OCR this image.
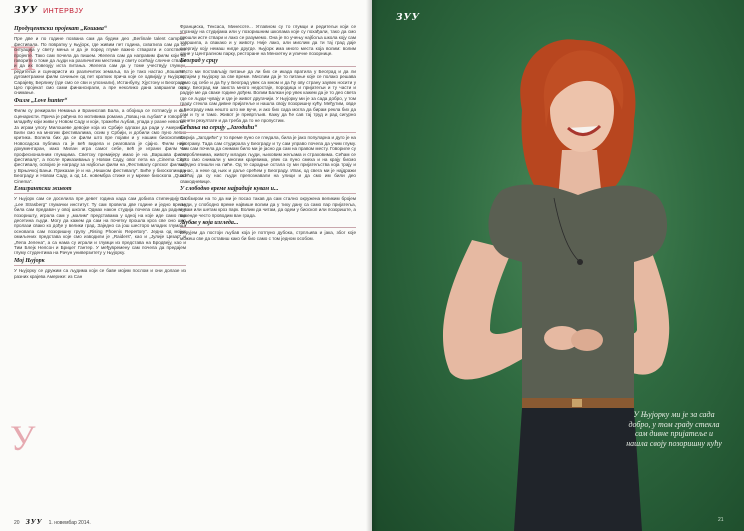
ЗУУ ИНТЕРВЈУ
П
У
Продуцентски пројекат „Кошава“

Пре две и по године позвана сам да будем део „Berlinale talent campus“ фестивала. По повратку у Њујорк, где живим пет година, схватила сам да се ситуација у свету мења и да је поред глуме важно стварати и сопствене пројекте. Тако сам почела да пишем. Желела сам да направим филм који ће говорити о томе да људи на различитим местима у свету осећају сличне ствари и да их повезују иста питања. Желела сам да у томе учествују глумци, редитељи и сценаристи из различитих земаља, па је тако настао „Кошава“, дугометражни филм сачињен од пет кратких прича које се одвијају у Њујорку, Сарајеву, Берлину (где смо се сви и упознали), Истанбулу, Хјустону и Београду. Цео пројекат смо сами финансирали, а пре неколико дана завршили смо снимање.

Филм „Love hunter“

Филм су режирали Немања и Бранислав Бала, а обојица се потписују и као сценаристи. Прича је рађена по мотивима романа „Ловац на љубав“ и говори о младићу који живи у Новом Саду и који, тражећи љубав, упада у разне невоље. Ја играм улогу Милошеве девојке која из Србије одлази да ради у Америци. Били смо на многим фестивалима, осим у Србији, и добили смо пуно лепих критика. Волела бих да се филм што пре појави и у нашим биоскопима. Новосадска публика га је већ видела и реаговала је сјајно. Филм није документаран, иако Милан игра самог себе, већ је играни филм са професионалним глумцима. Светску премијеру имао је на „Варшава филм фестивалу“, а после приказивања у Новом Саду, овог лета на „Cinema City“ фестивалу, освојио је награду за најбољи филм на „Фестивалу српског филма“ у Врњачкој Бањи. Приказан је и на „Нишком фестивалу“. Биће у биоскопима у Београду и Новом Саду, а од 14. новембра стиже и у мреже биоскопа „Quad Cinema“.

Емигрантски живот

У Њујорк сам се доселила пре девет година када сам добила стипендију за „Lee Strasberg“ глумачки институт. Ту сам провела две године и једно време била сам предавач у овој школи. Одмах након студија почела сам да радим у позоришту, играла сам у „малим“ представама у одној на које иде само пар десетина људи. Могу да кажем да сам на почетку прошла кроз све оно што пролази свако ко дође у велики град. Заједно са још шесторо младих глумаца основала сам позоришну групу „Rising Phoenix Repertory“. Једна од мојих омиљених представа које смо изводили је „Raiders“, као и „Јулије Цезар“ и „Лепа Јелена“, а са нама су играли и глумци из представа на Бродвеју, као и Тим Блејк Нелсон и Бриџет Гантер. У међувремену сам почела да предајем глуму студентима на Рачун универзитету у Њујорку.

Мој Њујорк

У Њујорку се дружим са људима који се баве мојим послом и они долазе из разних крајева Америке: из Сан

Франциска, Тексаса, Минесоте... Углавном су то глумци и редитељи који се упознају на студијама или у позоришним школама које су похађали, тако да смо прошли исте ствари и лако се разумемо. Она је по учењу најбоља школа коју сам завршила, а свакако и у животу. Није лако, али мислим да ти тај град даје енергију коју немаш нигде другде. Њујорк има много места која волим: волим дане у Централном парку, ресторане на Менхетну и уличне позорнице.

Београд у срцу

Често ми постављају питање да ли бих се икада вратила у Београд и да ли остајем у Њујорку за све време. Мислим да је то питање које се полако решава само од себе и да ћу у Београд увек са мном и да ћу ову страну заувек носити у срцу. Београд ми заиста много недостаје, породица и пријатељи и ту части и радује ме да сваке године дођем. Волим Балкан јер увек кажем да је то део света где се људи чувају и где је живот другачији. У Њујорку ми је за сада добро, у том граду стекла сам дивне пријатеље и нашла своју позоришну кућу. Међутим, овде у Београду има нешто што ме вуче, и ако бих сада могла да бирам рекла бих да сам и ту и тамо. Живот је превртљив. Кажу да ће сав тај труд и рад сигурно донети резултате и да треба да то не пропустим.

Сећања на серију „Јагодићи“

Серија „Јагодићи“ у то време пуно се гледала, била је јако популарна и дуго је на програму. Тада сам студирала у Београду и ту сам управо почела да учим глуму. Чим сам почела да снимам било ми је јасно да сам на правом месту. Говориле су о проблемима, животу младих људи, њиховим жељама и страховима. Сећам се како смо снимали у многим крајевима, увек са пуно смеха и на крају бисмо заједно отишли на пиће. Од те сарадње остала су ми пријатељства која трају и данас, а неке од њих и даље срећем у Београду. Ипак, од свега ми је најдражи осећај да су нас људи препознавали на улици и да смо им били део свакодневице.

У слободно време најрадије кувам и...

С обзиром на то да ми је посао такав да сам стално окружена великим бројем људи, у слободно време највише волим да у тиху дану са само пар пријатеља, кувам или шетам кроз парк. Волим да читам, да одем у биоскоп или позориште, а викенде често проводим ван града.

Љубав у која изгледа...

Верујем да постоји љубав која је потпуно дубока, стрпљива и јака, због које можеш све да оставиш како би био само с том једном особом.

20 ЗУУ 1. новембар 2014.
ЗУУ
У Њујорку ми је за сада добро, у том граду стекла сам дивне пријатеље и нашла своју позоришну кућу
21
